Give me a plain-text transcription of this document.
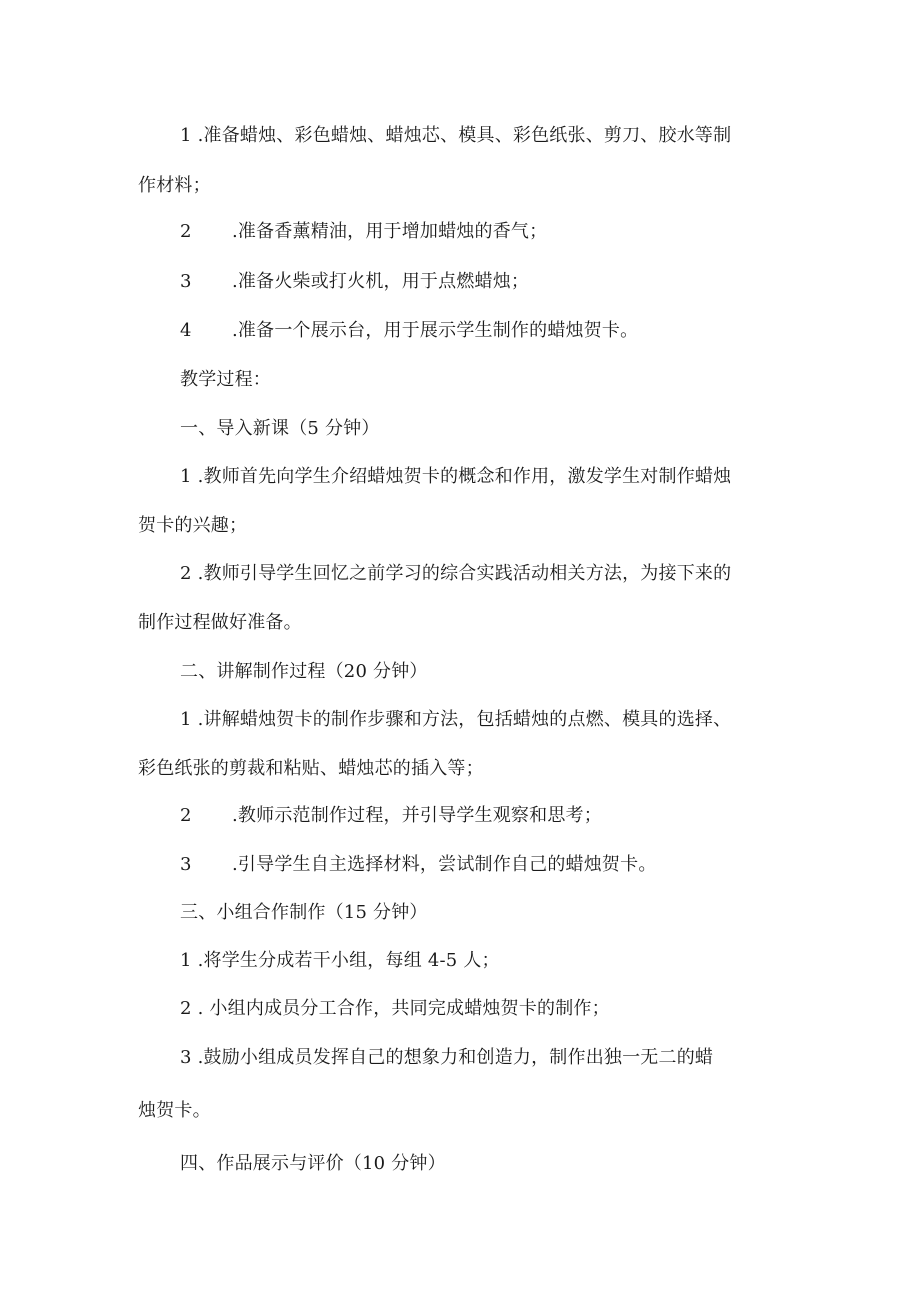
1 .准备蜡烛、彩色蜡烛、蜡烛芯、模具、彩色纸张、剪刀、胶水等制
作材料；
2 .准备香薰精油，用于增加蜡烛的香气；
3 .准备火柴或打火机，用于点燃蜡烛；
4 .准备一个展示台，用于展示学生制作的蜡烛贺卡。
教学过程：
一、导入新课（5 分钟）
1 .教师首先向学生介绍蜡烛贺卡的概念和作用，激发学生对制作蜡烛
贺卡的兴趣；
2 .教师引导学生回忆之前学习的综合实践活动相关方法，为接下来的
制作过程做好准备。
二、讲解制作过程（20 分钟）
1 .讲解蜡烛贺卡的制作步骤和方法，包括蜡烛的点燃、模具的选择、
彩色纸张的剪裁和粘贴、蜡烛芯的插入等；
2 .教师示范制作过程，并引导学生观察和思考；
3 .引导学生自主选择材料，尝试制作自己的蜡烛贺卡。
三、小组合作制作（15 分钟）
1 .将学生分成若干小组，每组 4-5 人；
2 . 小组内成员分工合作，共同完成蜡烛贺卡的制作；
3 .鼓励小组成员发挥自己的想象力和创造力，制作出独一无二的蜡
烛贺卡。
四、作品展示与评价（10 分钟）
